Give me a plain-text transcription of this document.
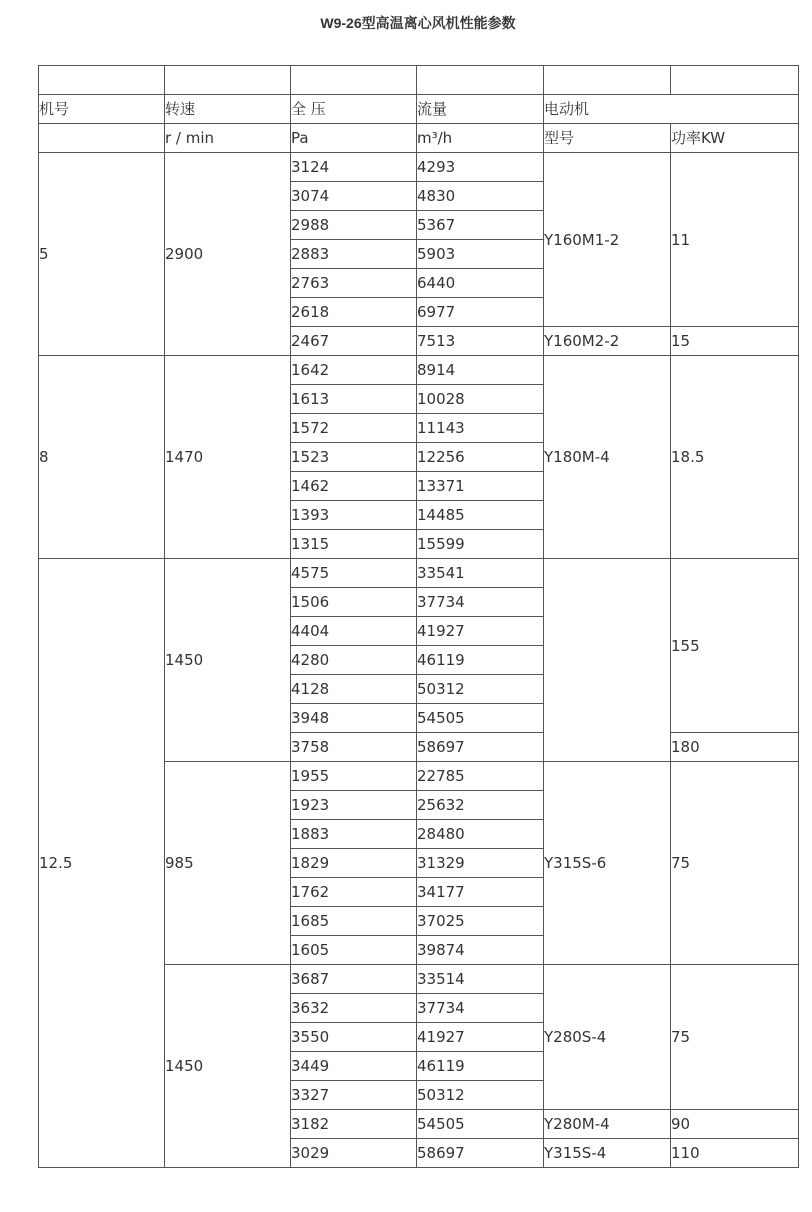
W9-26型高温离心风机性能参数

机号	转速	全 压	流量	电动机	
	r / min	Pa	m³/h	型号	功率KW
5	2900	3124	4293	Y160M1-2	11
		3074	4830		
		2988	5367		
		2883	5903		
		2763	6440		
		2618	6977		
		2467	7513	Y160M2-2	15
8	1470	1642	8914	Y180M-4	18.5
		1613	10028		
		1572	11143		
		1523	12256		
		1462	13371		
		1393	14485		
		1315	15599		
12.5	1450	4575	33541		155
		1506	37734		
		4404	41927		
		4280	46119		
		4128	50312		
		3948	54505		
		3758	58697		180
	985	1955	22785	Y315S-6	75
		1923	25632		
		1883	28480		
		1829	31329		
		1762	34177		
		1685	37025		
		1605	39874		
	1450	3687	33514	Y280S-4	75
		3632	37734		
		3550	41927		
		3449	46119		
		3327	50312		
		3182	54505	Y280M-4	90
		3029	58697	Y315S-4	110
